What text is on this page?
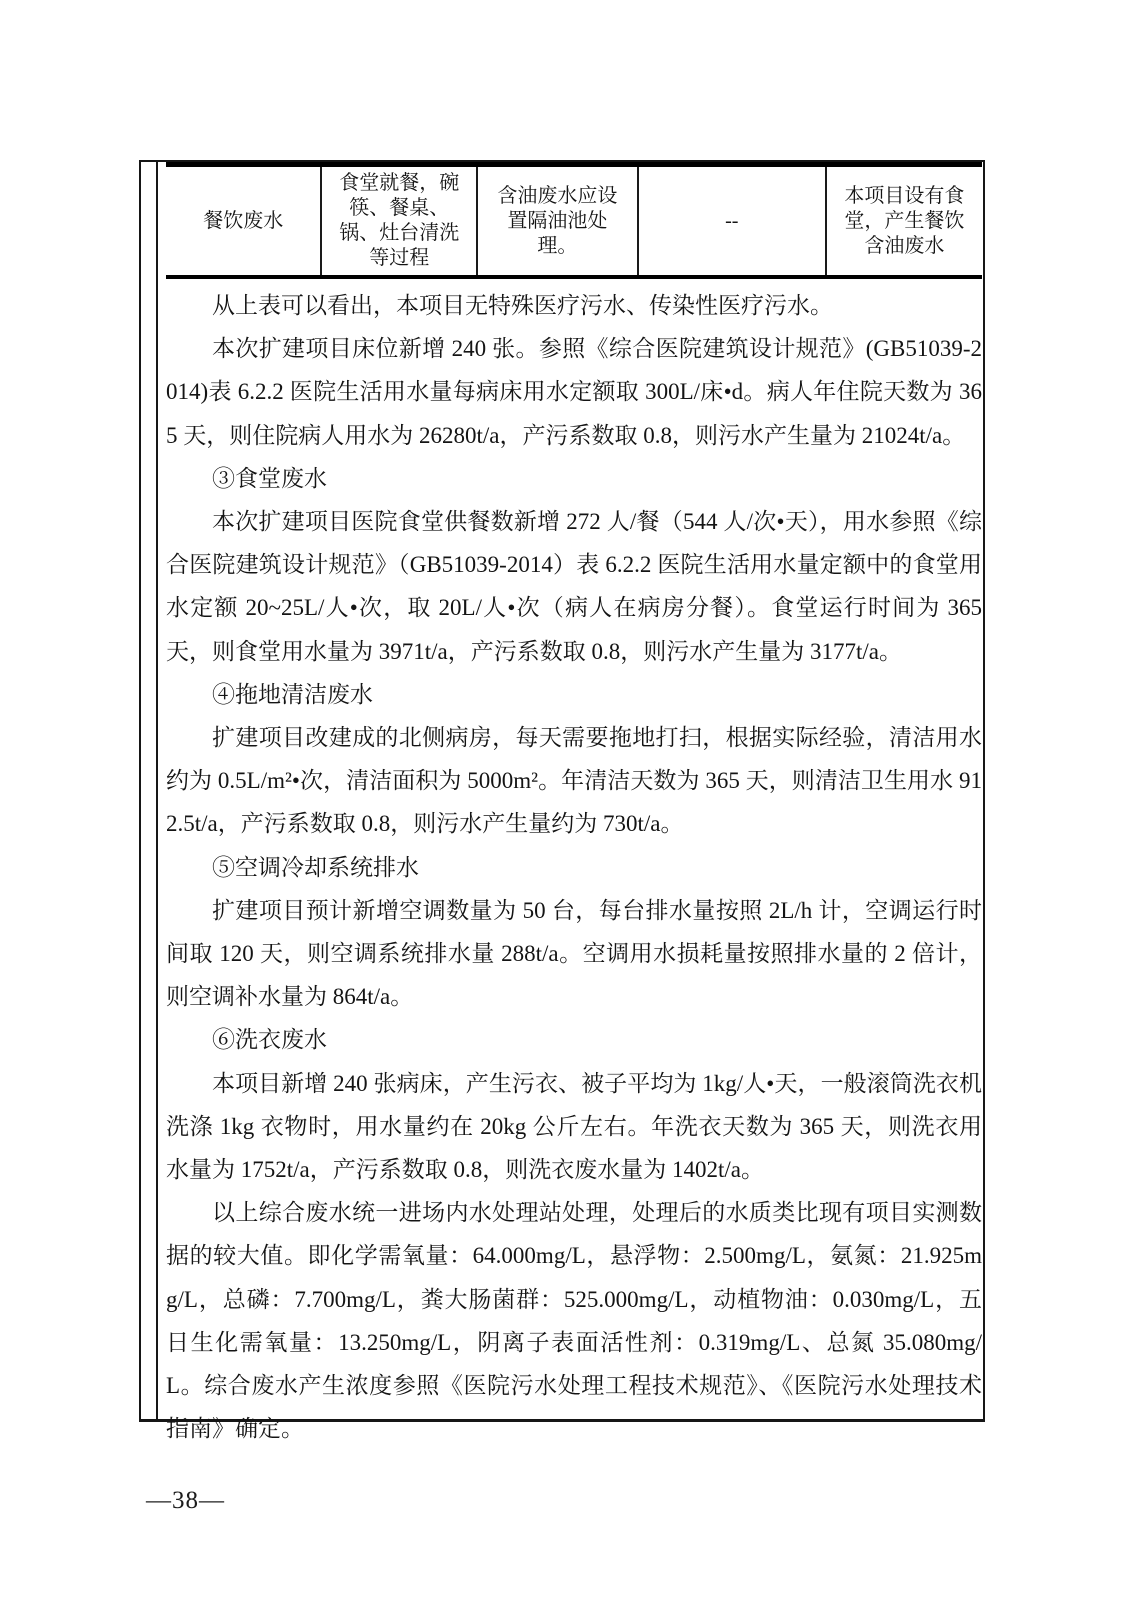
餐饮废水	食堂就餐，碗筷、餐桌、锅、灶台清洗等过程	含油废水应设置隔油池处理。	--	本项目设有食堂，产生餐饮含油废水

从上表可以看出，本项目无特殊医疗污水、传染性医疗污水。

本次扩建项目床位新增 240 张。参照《综合医院建筑设计规范》(GB51039-2014)表 6.2.2 医院生活用水量每病床用水定额取 300L/床•d。病人年住院天数为 365 天，则住院病人用水为 26280t/a，产污系数取 0.8，则污水产生量为 21024t/a。

③食堂废水

本次扩建项目医院食堂供餐数新增 272 人/餐（544 人/次•天），用水参照《综合医院建筑设计规范》（GB51039-2014）表 6.2.2 医院生活用水量定额中的食堂用水定额 20~25L/人•次，取 20L/人•次（病人在病房分餐）。食堂运行时间为 365 天，则食堂用水量为 3971t/a，产污系数取 0.8，则污水产生量为 3177t/a。

④拖地清洁废水

扩建项目改建成的北侧病房，每天需要拖地打扫，根据实际经验，清洁用水约为 0.5L/m²•次，清洁面积为 5000m²。年清洁天数为 365 天，则清洁卫生用水 912.5t/a，产污系数取 0.8，则污水产生量约为 730t/a。

⑤空调冷却系统排水

扩建项目预计新增空调数量为 50 台，每台排水量按照 2L/h 计，空调运行时间取 120 天，则空调系统排水量 288t/a。空调用水损耗量按照排水量的 2 倍计，则空调补水量为 864t/a。

⑥洗衣废水

本项目新增 240 张病床，产生污衣、被子平均为 1kg/人•天，一般滚筒洗衣机洗涤 1kg 衣物时，用水量约在 20kg 公斤左右。年洗衣天数为 365 天，则洗衣用水量为 1752t/a，产污系数取 0.8，则洗衣废水量为 1402t/a。

以上综合废水统一进场内水处理站处理，处理后的水质类比现有项目实测数据的较大值。即化学需氧量：64.000mg/L，悬浮物：2.500mg/L，氨氮：21.925mg/L，总磷：7.700mg/L，粪大肠菌群：525.000mg/L，动植物油：0.030mg/L，五日生化需氧量：13.250mg/L，阴离子表面活性剂：0.319mg/L、总氮 35.080mg/L。综合废水产生浓度参照《医院污水处理工程技术规范》、《医院污水处理技术指南》确定。

—38—
